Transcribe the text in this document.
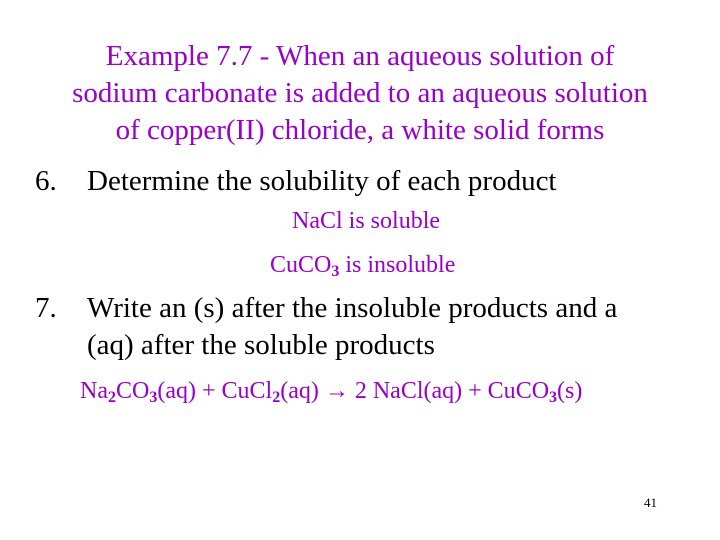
Example 7.7 - When an aqueous solution of
sodium carbonate is added to an aqueous solution
of copper(II) chloride, a white solid forms
6. Determine the solubility of each product
NaCl is soluble
CuCO$_3$ is insoluble
7. Write an (s) after the insoluble products and a
(aq) after the soluble products
$Na_2CO_3(aq)$ + CuCl$_2$(aq) → 2 NaCl(aq) + CuCO$_3$(s)
41
